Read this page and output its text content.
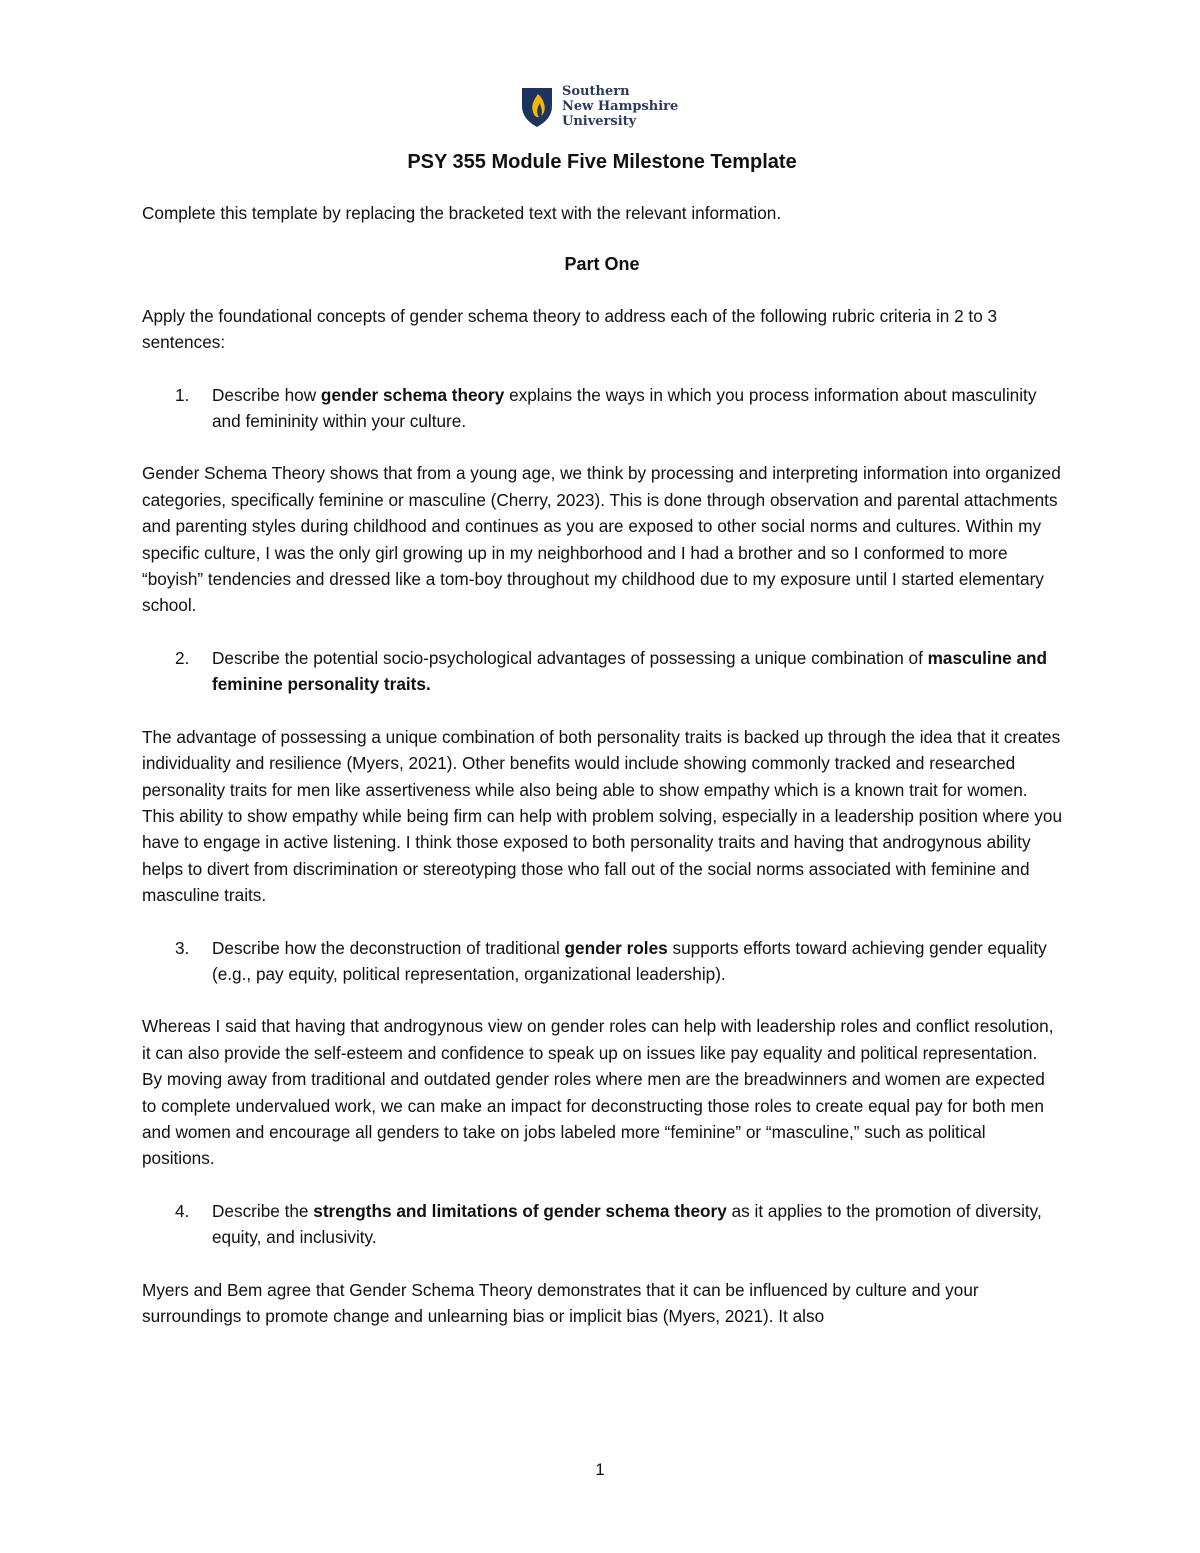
Southern
New Hampshire
University
PSY 355 Module Five Milestone Template
Complete this template by replacing the bracketed text with the relevant information.
Part One
Apply the foundational concepts of gender schema theory to address each of the following rubric criteria in 2 to 3 sentences:
1. Describe how gender schema theory explains the ways in which you process information about masculinity and femininity within your culture.
Gender Schema Theory shows that from a young age, we think by processing and interpreting information into organized categories, specifically feminine or masculine (Cherry, 2023). This is done through observation and parental attachments and parenting styles during childhood and continues as you are exposed to other social norms and cultures. Within my specific culture, I was the only girl growing up in my neighborhood and I had a brother and so I conformed to more “boyish” tendencies and dressed like a tom-boy throughout my childhood due to my exposure until I started elementary school.
2. Describe the potential socio-psychological advantages of possessing a unique combination of masculine and feminine personality traits.
The advantage of possessing a unique combination of both personality traits is backed up through the idea that it creates individuality and resilience (Myers, 2021). Other benefits would include showing commonly tracked and researched personality traits for men like assertiveness while also being able to show empathy which is a known trait for women. This ability to show empathy while being firm can help with problem solving, especially in a leadership position where you have to engage in active listening. I think those exposed to both personality traits and having that androgynous ability helps to divert from discrimination or stereotyping those who fall out of the social norms associated with feminine and masculine traits.
3. Describe how the deconstruction of traditional gender roles supports efforts toward achieving gender equality (e.g., pay equity, political representation, organizational leadership).
Whereas I said that having that androgynous view on gender roles can help with leadership roles and conflict resolution, it can also provide the self-esteem and confidence to speak up on issues like pay equality and political representation. By moving away from traditional and outdated gender roles where men are the breadwinners and women are expected to complete undervalued work, we can make an impact for deconstructing those roles to create equal pay for both men and women and encourage all genders to take on jobs labeled more “feminine” or “masculine,” such as political positions.
4. Describe the strengths and limitations of gender schema theory as it applies to the promotion of diversity, equity, and inclusivity.
Myers and Bem agree that Gender Schema Theory demonstrates that it can be influenced by culture and your surroundings to promote change and unlearning bias or implicit bias (Myers, 2021). It also
1
